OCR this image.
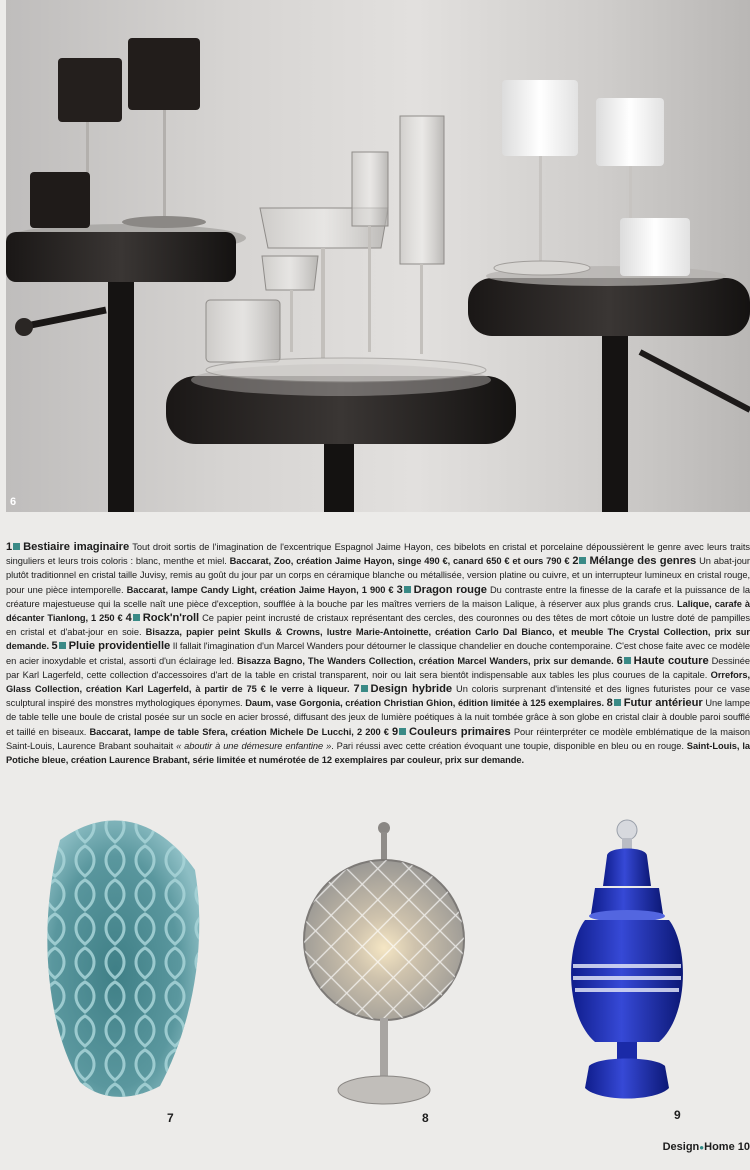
6
1 Bestiaire imaginaire Tout droit sortis de l'imagination de l'excentrique Espagnol Jaime Hayon, ces bibelots en cristal et porcelaine dépoussièrent le genre avec leurs traits singuliers et leurs trois coloris : blanc, menthe et miel. Baccarat, Zoo, création Jaime Hayon, singe 490 €, canard 650 € et ours 790 € 2 Mélange des genres Un abat-jour plutôt traditionnel en cristal taille Juvisy, remis au goût du jour par un corps en céramique blanche ou métallisée, version platine ou cuivre, et un interrupteur lumineux en cristal rouge, pour une pièce intemporelle. Baccarat, lampe Candy Light, création Jaime Hayon, 1 900 € 3 Dragon rouge Du contraste entre la finesse de la carafe et la puissance de la créature majestueuse qui la scelle naît une pièce d'exception, soufflée à la bouche par les maîtres verriers de la maison Lalique, à réserver aux plus grands crus. Lalique, carafe à décanter Tianlong, 1 250 € 4 Rock'n'roll Ce papier peint incrusté de cristaux représentant des cercles, des couronnes ou des têtes de mort côtoie un lustre doté de pampilles en cristal et d'abat-jour en soie. Bisazza, papier peint Skulls & Crowns, lustre Marie-Antoinette, création Carlo Dal Bianco, et meuble The Crystal Collection, prix sur demande. 5 Pluie providentielle Il fallait l'imagination d'un Marcel Wanders pour détourner le classique chandelier en douche contemporaine. C'est chose faite avec ce modèle en acier inoxydable et cristal, assorti d'un éclairage led. Bisazza Bagno, The Wanders Collection, création Marcel Wanders, prix sur demande. 6 Haute couture Dessinée par Karl Lagerfeld, cette collection d'accessoires d'art de la table en cristal transparent, noir ou lait sera bientôt indispensable aux tables les plus courues de la capitale. Orrefors, Glass Collection, création Karl Lagerfeld, à partir de 75 € le verre à liqueur. 7 Design hybride Un coloris surprenant d'intensité et des lignes futuristes pour ce vase sculptural inspiré des monstres mythologiques éponymes. Daum, vase Gorgonia, création Christian Ghion, édition limitée à 125 exemplaires. 8 Futur antérieur Une lampe de table telle une boule de cristal posée sur un socle en acier brossé, diffusant des jeux de lumière poétiques à la nuit tombée grâce à son globe en cristal clair à double paroi soufflé et taillé en biseaux. Baccarat, lampe de table Sfera, création Michele De Lucchi, 2 200 € 9 Couleurs primaires Pour réinterpréter ce modèle emblématique de la maison Saint-Louis, Laurence Brabant souhaitait « aboutir à une démesure enfantine ». Pari réussi avec cette création évoquant une toupie, disponible en bleu ou en rouge. Saint-Louis, la Potiche bleue, création Laurence Brabant, série limitée et numérotée de 12 exemplaires par couleur, prix sur demande.
7	8	9
Design●Home 10
